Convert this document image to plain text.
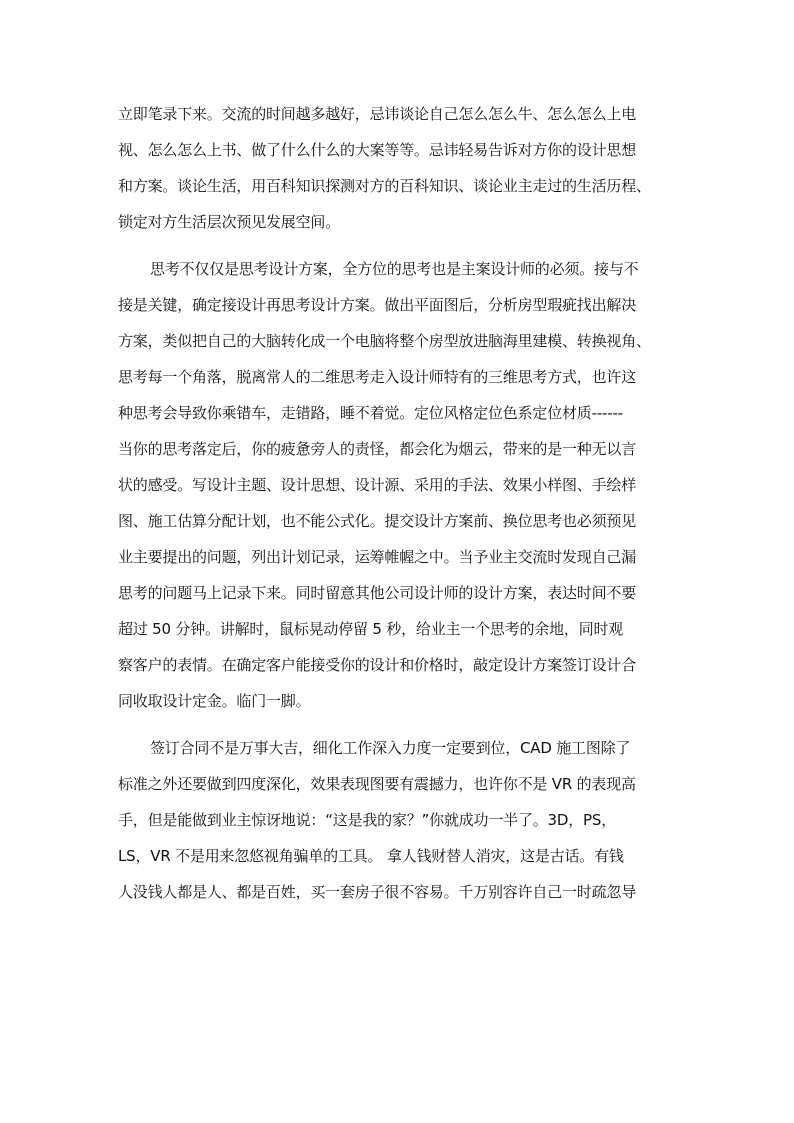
立即笔录下来。交流的时间越多越好，忌讳谈论自己怎么怎么牛、怎么怎么上电
视、怎么怎么上书、做了什么什么的大案等等。忌讳轻易告诉对方你的设计思想
和方案。谈论生活，用百科知识探测对方的百科知识、谈论业主走过的生活历程、
锁定对方生活层次预见发展空间。
思考不仅仅是思考设计方案，全方位的思考也是主案设计师的必须。接与不
接是关键，确定接设计再思考设计方案。做出平面图后，分析房型瑕疵找出解决
方案，类似把自己的大脑转化成一个电脑将整个房型放进脑海里建模、转换视角、
思考每一个角落，脱离常人的二维思考走入设计师特有的三维思考方式，也许这
种思考会导致你乘错车，走错路，睡不着觉。定位风格定位色系定位材质------
当你的思考落定后，你的疲惫旁人的责怪，都会化为烟云，带来的是一种无以言
状的感受。写设计主题、设计思想、设计源、采用的手法、效果小样图、手绘样
图、施工估算分配计划，也不能公式化。提交设计方案前、换位思考也必须预见
业主要提出的问题，列出计划记录，运筹帷幄之中。当予业主交流时发现自己漏
思考的问题马上记录下来。同时留意其他公司设计师的设计方案，表达时间不要
超过 50 分钟。讲解时，鼠标晃动停留 5 秒，给业主一个思考的余地，同时观
察客户的表情。在确定客户能接受你的设计和价格时，敲定设计方案签订设计合
同收取设计定金。临门一脚。
签订合同不是万事大吉，细化工作深入力度一定要到位，CAD 施工图除了
标准之外还要做到四度深化，效果表现图要有震撼力，也许你不是 VR 的表现高
手，但是能做到业主惊讶地说：“这是我的家？”你就成功一半了。3D，PS，
LS，VR 不是用来忽悠视角骗单的工具。 拿人钱财替人消灾，这是古话。有钱
人没钱人都是人、都是百姓，买一套房子很不容易。千万别容许自己一时疏忽导
